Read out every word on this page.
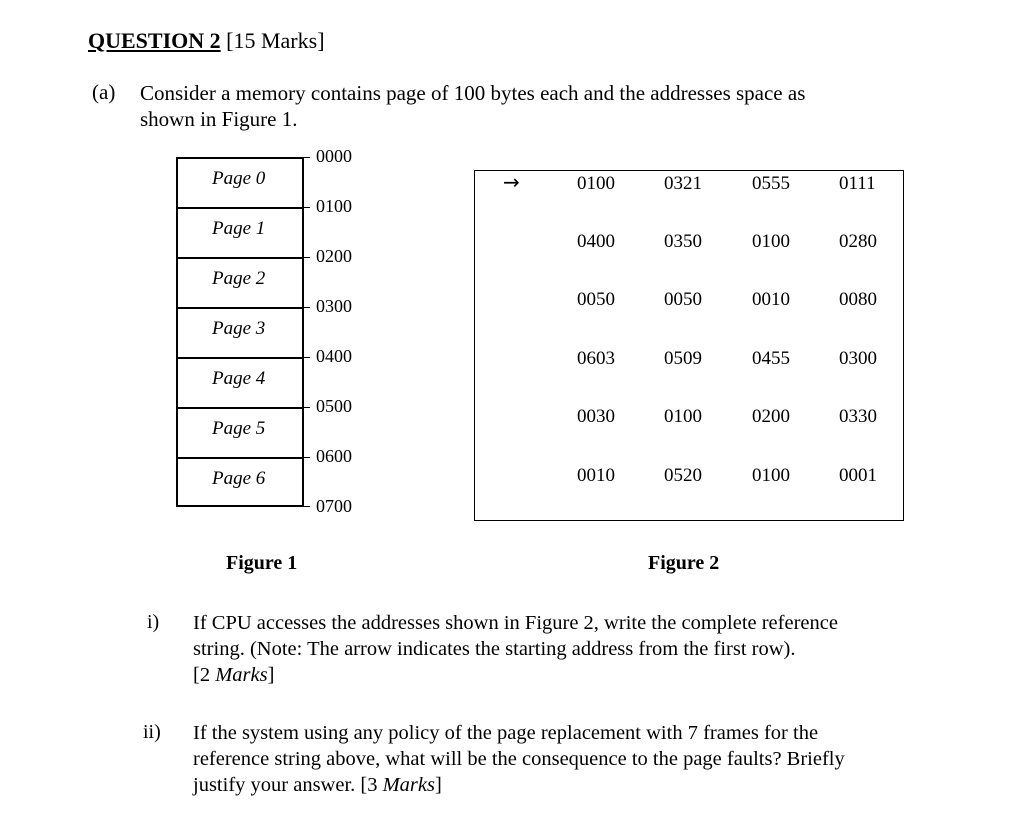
QUESTION 2 [15 Marks]
(a) Consider a memory contains page of 100 bytes each and the addresses space as
shown in Figure 1.
Page 0
Page 1
Page 2
Page 3
Page 4
Page 5
Page 6
0000
0100
0200
0300
0400
0500
0600
0700
→	0100	0321	0555	0111
0400	0350	0100	0280
0050	0050	0010	0080
0603	0509	0455	0300
0030	0100	0200	0330
0010	0520	0100	0001
Figure 1	Figure 2
i) If CPU accesses the addresses shown in Figure 2, write the complete reference
string. (Note: The arrow indicates the starting address from the first row).
[2 Marks]
ii) If the system using any policy of the page replacement with 7 frames for the
reference string above, what will be the consequence to the page faults? Briefly
justify your answer. [3 Marks]
